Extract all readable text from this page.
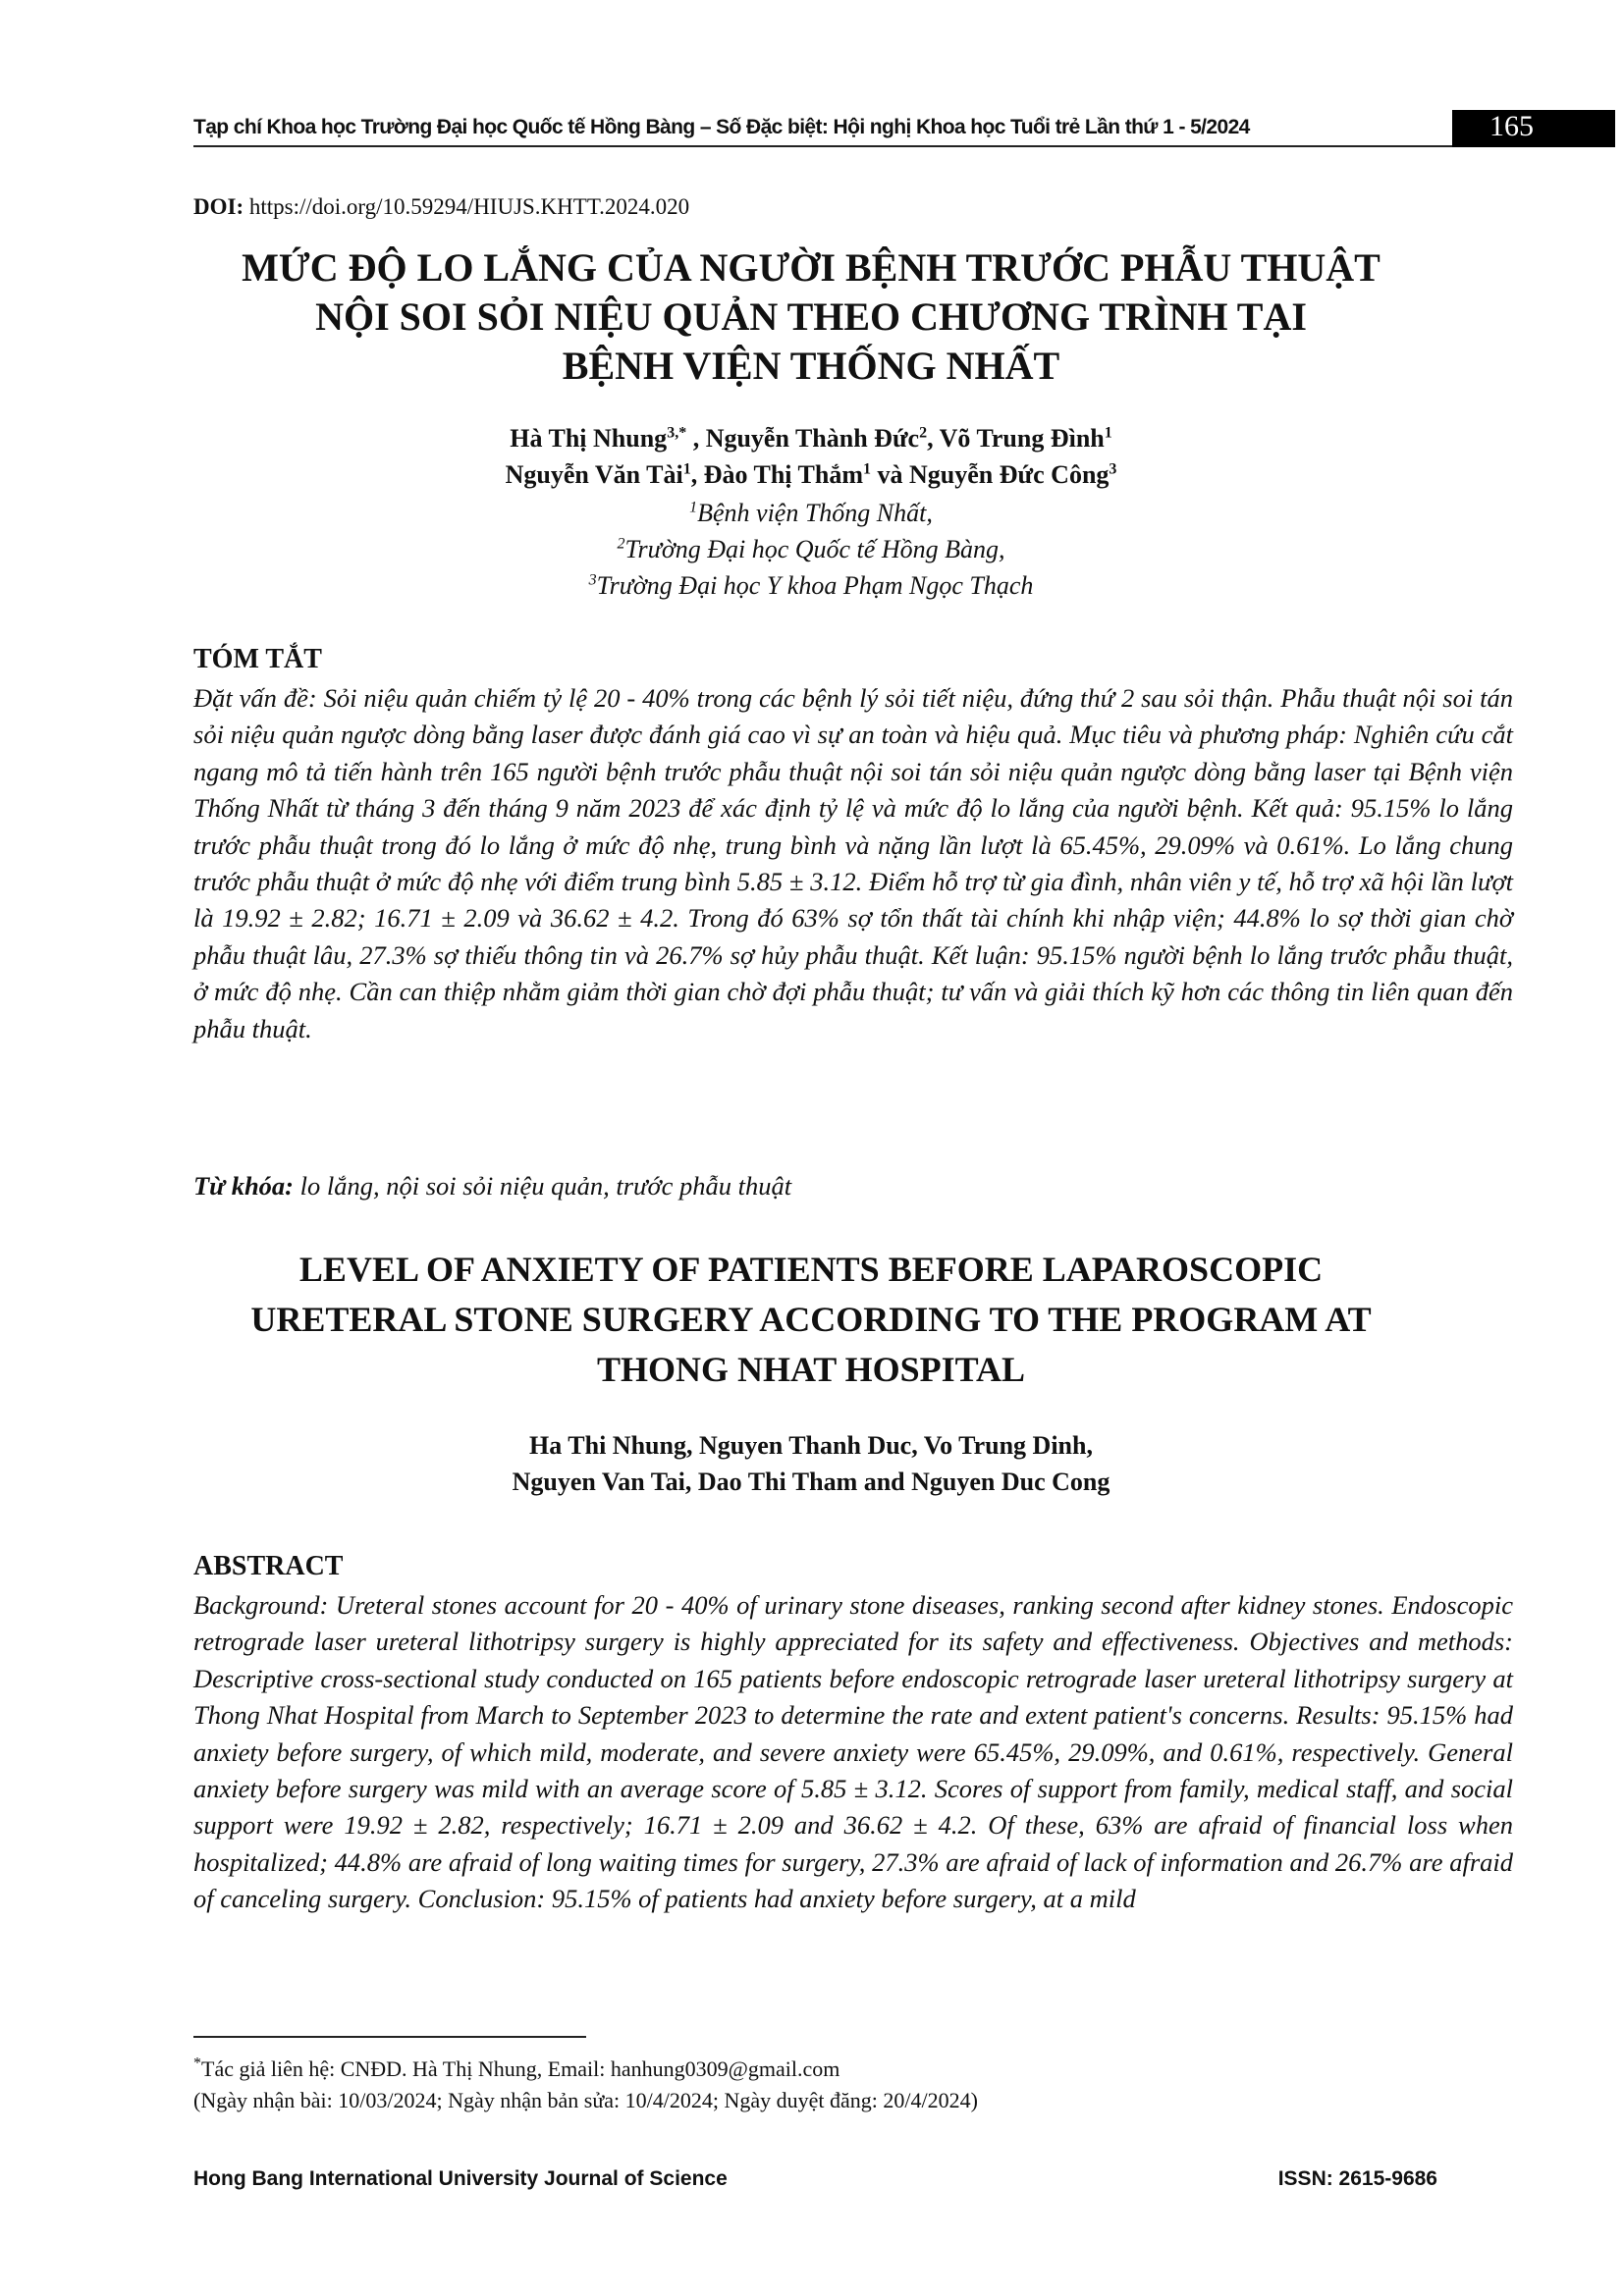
Tạp chí Khoa học Trường Đại học Quốc tế Hồng Bàng – Số Đặc biệt: Hội nghị Khoa học Tuổi trẻ Lần thứ 1 - 5/2024	165
DOI: https://doi.org/10.59294/HIUJS.KHTT.2024.020
MỨC ĐỘ LO LẮNG CỦA NGƯỜI BỆNH TRƯỚC PHẪU THUẬT
NỘI SOI SỎI NIỆU QUẢN THEO CHƯƠNG TRÌNH TẠI
BỆNH VIỆN THỐNG NHẤT
Hà Thị Nhung$^{3,*}$ , Nguyễn Thành Đức$^2$, Võ Trung Đình$^1$
Nguyễn Văn Tài$^1$, Đào Thị Thắm$^1$ và Nguyễn Đức Công$^3$
$^1$Bệnh viện Thống Nhất,
$^2$Trường Đại học Quốc tế Hồng Bàng,
$^3$Trường Đại học Y khoa Phạm Ngọc Thạch
TÓM TẮT
Đặt vấn đề: Sỏi niệu quản chiếm tỷ lệ 20 - 40% trong các bệnh lý sỏi tiết niệu, đứng thứ 2 sau sỏi thận. Phẫu thuật nội soi tán sỏi niệu quản ngược dòng bằng laser được đánh giá cao vì sự an toàn và hiệu quả. Mục tiêu và phương pháp: Nghiên cứu cắt ngang mô tả tiến hành trên 165 người bệnh trước phẫu thuật nội soi tán sỏi niệu quản ngược dòng bằng laser tại Bệnh viện Thống Nhất từ tháng 3 đến tháng 9 năm 2023 để xác định tỷ lệ và mức độ lo lắng của người bệnh. Kết quả: 95.15% lo lắng trước phẫu thuật trong đó lo lắng ở mức độ nhẹ, trung bình và nặng lần lượt là 65.45%, 29.09% và 0.61%. Lo lắng chung trước phẫu thuật ở mức độ nhẹ với điểm trung bình 5.85 ± 3.12. Điểm hỗ trợ từ gia đình, nhân viên y tế, hỗ trợ xã hội lần lượt là 19.92 ± 2.82; 16.71 ± 2.09 và 36.62 ± 4.2. Trong đó 63% sợ tổn thất tài chính khi nhập viện; 44.8% lo sợ thời gian chờ phẫu thuật lâu, 27.3% sợ thiếu thông tin và 26.7% sợ hủy phẫu thuật. Kết luận: 95.15% người bệnh lo lắng trước phẫu thuật, ở mức độ nhẹ. Cần can thiệp nhằm giảm thời gian chờ đợi phẫu thuật; tư vấn và giải thích kỹ hơn các thông tin liên quan đến phẫu thuật.
Từ khóa: lo lắng, nội soi sỏi niệu quản, trước phẫu thuật
LEVEL OF ANXIETY OF PATIENTS BEFORE LAPAROSCOPIC
URETERAL STONE SURGERY ACCORDING TO THE PROGRAM AT
THONG NHAT HOSPITAL
Ha Thi Nhung, Nguyen Thanh Duc, Vo Trung Dinh,
Nguyen Van Tai, Dao Thi Tham and Nguyen Duc Cong
ABSTRACT
Background: Ureteral stones account for 20 - 40% of urinary stone diseases, ranking second after kidney stones. Endoscopic retrograde laser ureteral lithotripsy surgery is highly appreciated for its safety and effectiveness. Objectives and methods: Descriptive cross-sectional study conducted on 165 patients before endoscopic retrograde laser ureteral lithotripsy surgery at Thong Nhat Hospital from March to September 2023 to determine the rate and extent patient's concerns. Results: 95.15% had anxiety before surgery, of which mild, moderate, and severe anxiety were 65.45%, 29.09%, and 0.61%, respectively. General anxiety before surgery was mild with an average score of 5.85 ± 3.12. Scores of support from family, medical staff, and social support were 19.92 ± 2.82, respectively; 16.71 ± 2.09 and 36.62 ± 4.2. Of these, 63% are afraid of financial loss when hospitalized; 44.8% are afraid of long waiting times for surgery, 27.3% are afraid of lack of information and 26.7% are afraid of canceling surgery. Conclusion: 95.15% of patients had anxiety before surgery, at a mild
*Tác giả liên hệ: CNĐD. Hà Thị Nhung, Email: hanhung0309@gmail.com
(Ngày nhận bài: 10/03/2024; Ngày nhận bản sửa: 10/4/2024; Ngày duyệt đăng: 20/4/2024)
Hong Bang International University Journal of Science	ISSN: 2615-9686
